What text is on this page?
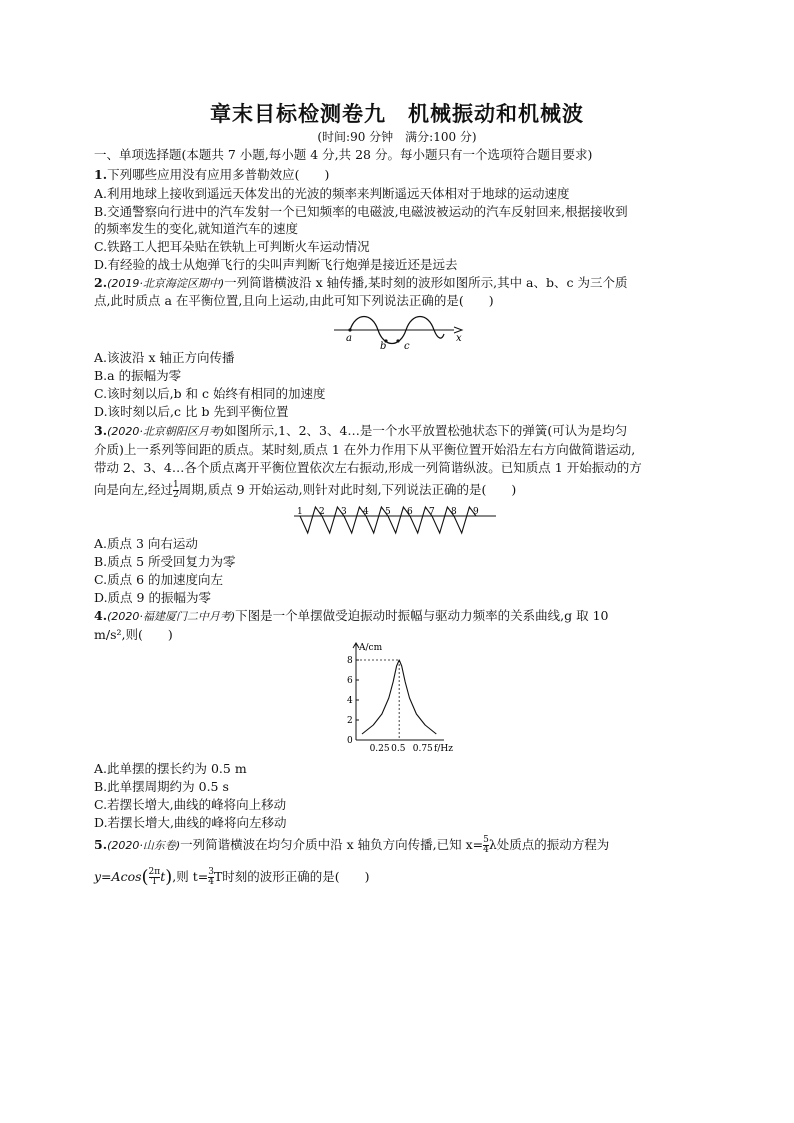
章末目标检测卷九　机械振动和机械波
(时间:90 分钟　满分:100 分)
一、单项选择题(本题共 7 小题,每小题 4 分,共 28 分。每小题只有一个选项符合题目要求)
1.下列哪些应用没有应用多普勒效应(　　)
A.利用地球上接收到遥远天体发出的光波的频率来判断遥远天体相对于地球的运动速度
B.交通警察向行进中的汽车发射一个已知频率的电磁波,电磁波被运动的汽车反射回来,根据接收到
的频率发生的变化,就知道汽车的速度
C.铁路工人把耳朵贴在铁轨上可判断火车运动情况
D.有经验的战士从炮弹飞行的尖叫声判断飞行炮弹是接近还是远去
2.(2019·北京海淀区期中)一列简谐横波沿 x 轴传播,某时刻的波形如图所示,其中 a、b、c 为三个质
点,此时质点 a 在平衡位置,且向上运动,由此可知下列说法正确的是(　　)
a
b c
x
A.该波沿 x 轴正方向传播
B.a 的振幅为零
C.该时刻以后,b 和 c 始终有相同的加速度
D.该时刻以后,c 比 b 先到平衡位置
3.(2020·北京朝阳区月考)如图所示,1、2、3、4…是一个水平放置松弛状态下的弹簧(可认为是均匀
介质)上一系列等间距的质点。某时刻,质点 1 在外力作用下从平衡位置开始沿左右方向做简谐运动,
带动 2、3、4…各个质点离开平衡位置依次左右振动,形成一列简谐纵波。已知质点 1 开始振动的方
向是向左,经过 $\frac{1}{2}$ 周期,质点 9 开始运动,则针对此时刻,下列说法正确的是(　　)
1 2 3 4 5 6 7 8 9
A.质点 3 向右运动
B.质点 5 所受回复力为零
C.质点 6 的加速度向左
D.质点 9 的振幅为零
4.(2020·福建厦门二中月考)下图是一个单摆做受迫振动时振幅与驱动力频率的关系曲线,g 取 10
m/s²,则(　　)
A/cm
f/Hz
0
2
4
6
8
0.25 0.5 0.75
A.此单摆的摆长约为 0.5 m
B.此单摆周期约为 0.5 s
C.若摆长增大,曲线的峰将向上移动
D.若摆长增大,曲线的峰将向左移动
5.(2020·山东卷)一列简谐横波在均匀介质中沿 x 轴负方向传播,已知 $x= \frac{5}{4}$ λ处质点的振动方程为
$y=Acos( \frac{2\pi}{T} t)$,则 $t= \frac{3}{4}$ T时刻的波形正确的是(　　)
